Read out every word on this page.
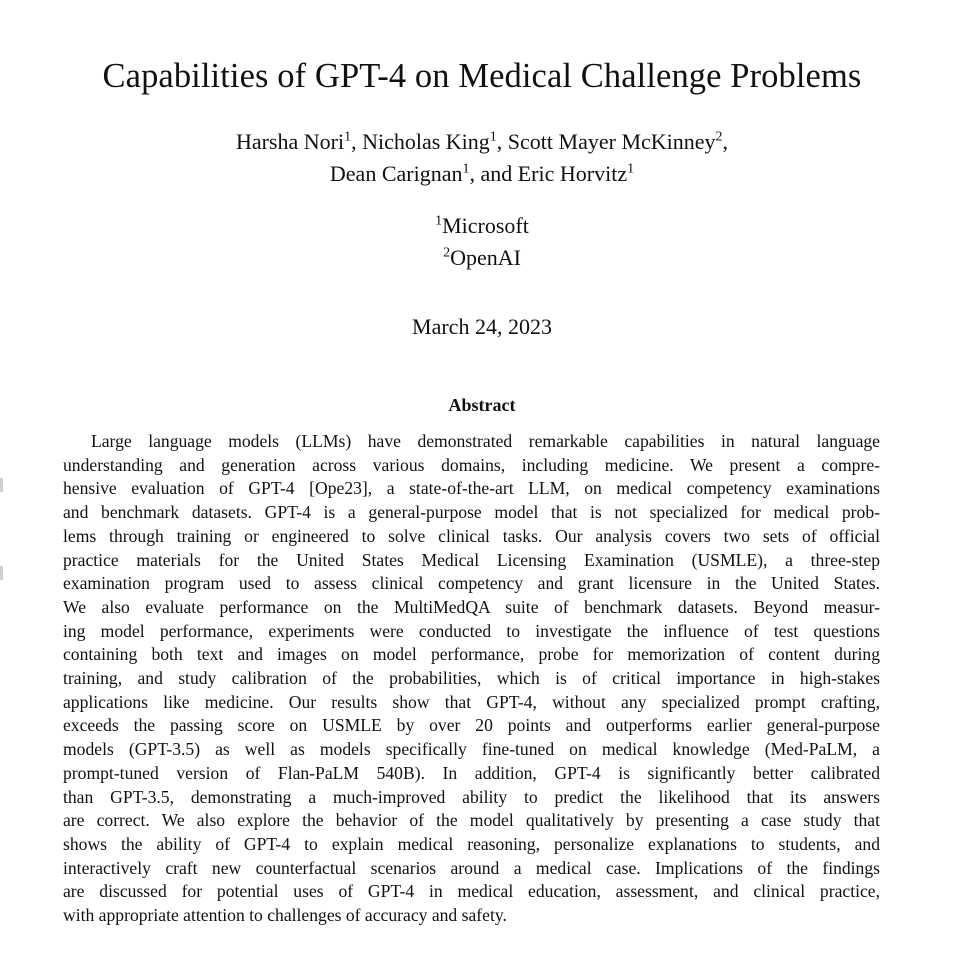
Capabilities of GPT-4 on Medical Challenge Problems
Harsha Nori$^1$, Nicholas King$^1$, Scott Mayer McKinney$^2$,
Dean Carignan$^1$, and Eric Horvitz$^1$
$^1$Microsoft
$^2$OpenAI
March 24, 2023
Abstract
Large language models (LLMs) have demonstrated remarkable capabilities in natural language
understanding and generation across various domains, including medicine. We present a compre-
hensive evaluation of GPT-4 [Ope23], a state-of-the-art LLM, on medical competency examinations
and benchmark datasets. GPT-4 is a general-purpose model that is not specialized for medical prob-
lems through training or engineered to solve clinical tasks. Our analysis covers two sets of official
practice materials for the United States Medical Licensing Examination (USMLE), a three-step
examination program used to assess clinical competency and grant licensure in the United States.
We also evaluate performance on the MultiMedQA suite of benchmark datasets. Beyond measur-
ing model performance, experiments were conducted to investigate the influence of test questions
containing both text and images on model performance, probe for memorization of content during
training, and study calibration of the probabilities, which is of critical importance in high-stakes
applications like medicine. Our results show that GPT-4, without any specialized prompt crafting,
exceeds the passing score on USMLE by over 20 points and outperforms earlier general-purpose
models (GPT-3.5) as well as models specifically fine-tuned on medical knowledge (Med-PaLM, a
prompt-tuned version of Flan-PaLM 540B). In addition, GPT-4 is significantly better calibrated
than GPT-3.5, demonstrating a much-improved ability to predict the likelihood that its answers
are correct. We also explore the behavior of the model qualitatively by presenting a case study that
shows the ability of GPT-4 to explain medical reasoning, personalize explanations to students, and
interactively craft new counterfactual scenarios around a medical case. Implications of the findings
are discussed for potential uses of GPT-4 in medical education, assessment, and clinical practice,
with appropriate attention to challenges of accuracy and safety.
